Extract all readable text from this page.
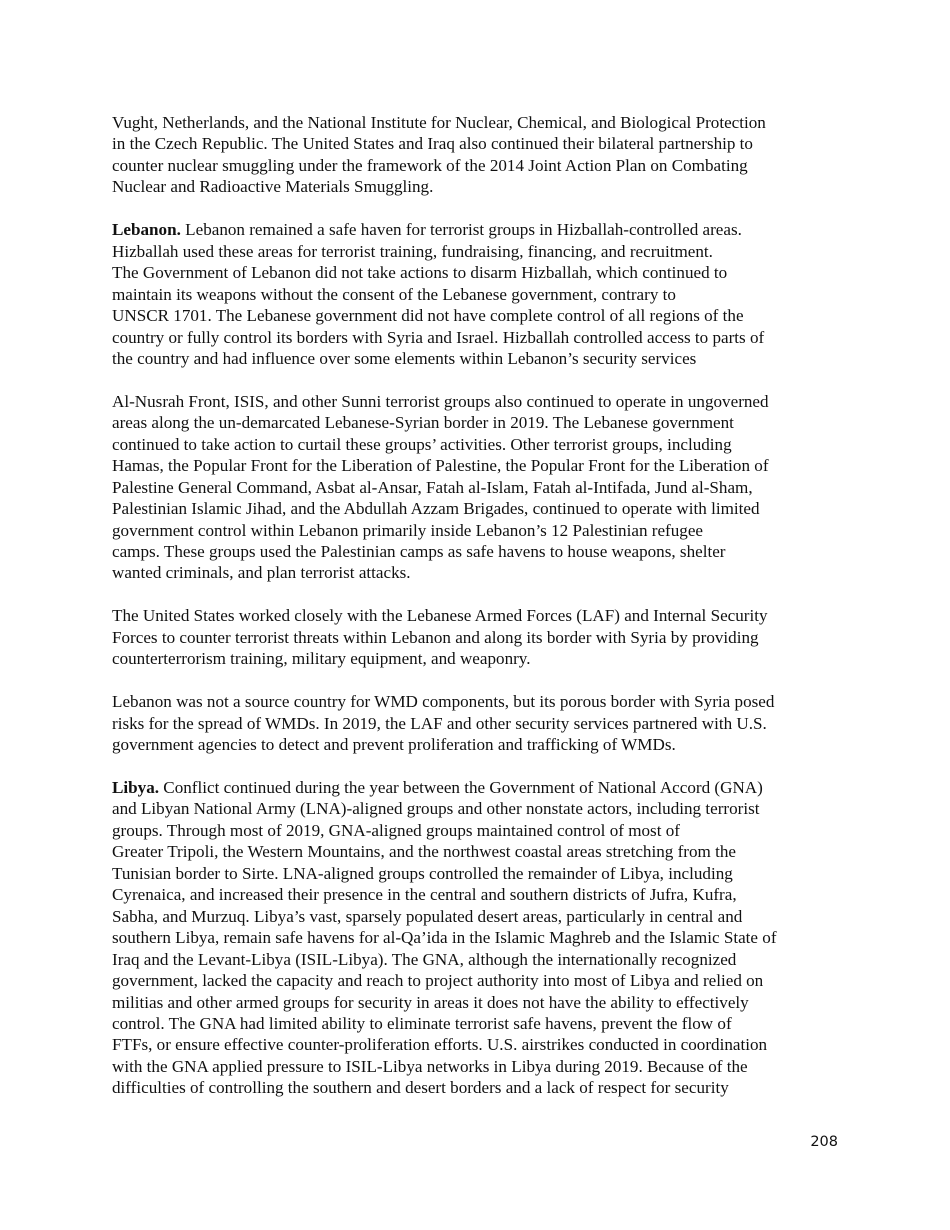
Vught, Netherlands, and the National Institute for Nuclear, Chemical, and Biological Protection
in the Czech Republic. The United States and Iraq also continued their bilateral partnership to
counter nuclear smuggling under the framework of the 2014 Joint Action Plan on Combating
Nuclear and Radioactive Materials Smuggling.
Lebanon. Lebanon remained a safe haven for terrorist groups in Hizballah-controlled areas.
Hizballah used these areas for terrorist training, fundraising, financing, and recruitment.
The Government of Lebanon did not take actions to disarm Hizballah, which continued to
maintain its weapons without the consent of the Lebanese government, contrary to
UNSCR 1701. The Lebanese government did not have complete control of all regions of the
country or fully control its borders with Syria and Israel. Hizballah controlled access to parts of
the country and had influence over some elements within Lebanon’s security services
Al-Nusrah Front, ISIS, and other Sunni terrorist groups also continued to operate in ungoverned
areas along the un-demarcated Lebanese-Syrian border in 2019. The Lebanese government
continued to take action to curtail these groups’ activities. Other terrorist groups, including
Hamas, the Popular Front for the Liberation of Palestine, the Popular Front for the Liberation of
Palestine General Command, Asbat al-Ansar, Fatah al-Islam, Fatah al-Intifada, Jund al-Sham,
Palestinian Islamic Jihad, and the Abdullah Azzam Brigades, continued to operate with limited
government control within Lebanon primarily inside Lebanon’s 12 Palestinian refugee
camps. These groups used the Palestinian camps as safe havens to house weapons, shelter
wanted criminals, and plan terrorist attacks.
The United States worked closely with the Lebanese Armed Forces (LAF) and Internal Security
Forces to counter terrorist threats within Lebanon and along its border with Syria by providing
counterterrorism training, military equipment, and weaponry.
Lebanon was not a source country for WMD components, but its porous border with Syria posed
risks for the spread of WMDs. In 2019, the LAF and other security services partnered with U.S.
government agencies to detect and prevent proliferation and trafficking of WMDs.
Libya. Conflict continued during the year between the Government of National Accord (GNA)
and Libyan National Army (LNA)-aligned groups and other nonstate actors, including terrorist
groups. Through most of 2019, GNA-aligned groups maintained control of most of
Greater Tripoli, the Western Mountains, and the northwest coastal areas stretching from the
Tunisian border to Sirte. LNA-aligned groups controlled the remainder of Libya, including
Cyrenaica, and increased their presence in the central and southern districts of Jufra, Kufra,
Sabha, and Murzuq. Libya’s vast, sparsely populated desert areas, particularly in central and
southern Libya, remain safe havens for al-Qa’ida in the Islamic Maghreb and the Islamic State of
Iraq and the Levant-Libya (ISIL-Libya). The GNA, although the internationally recognized
government, lacked the capacity and reach to project authority into most of Libya and relied on
militias and other armed groups for security in areas it does not have the ability to effectively
control. The GNA had limited ability to eliminate terrorist safe havens, prevent the flow of
FTFs, or ensure effective counter-proliferation efforts. U.S. airstrikes conducted in coordination
with the GNA applied pressure to ISIL-Libya networks in Libya during 2019. Because of the
difficulties of controlling the southern and desert borders and a lack of respect for security
208
